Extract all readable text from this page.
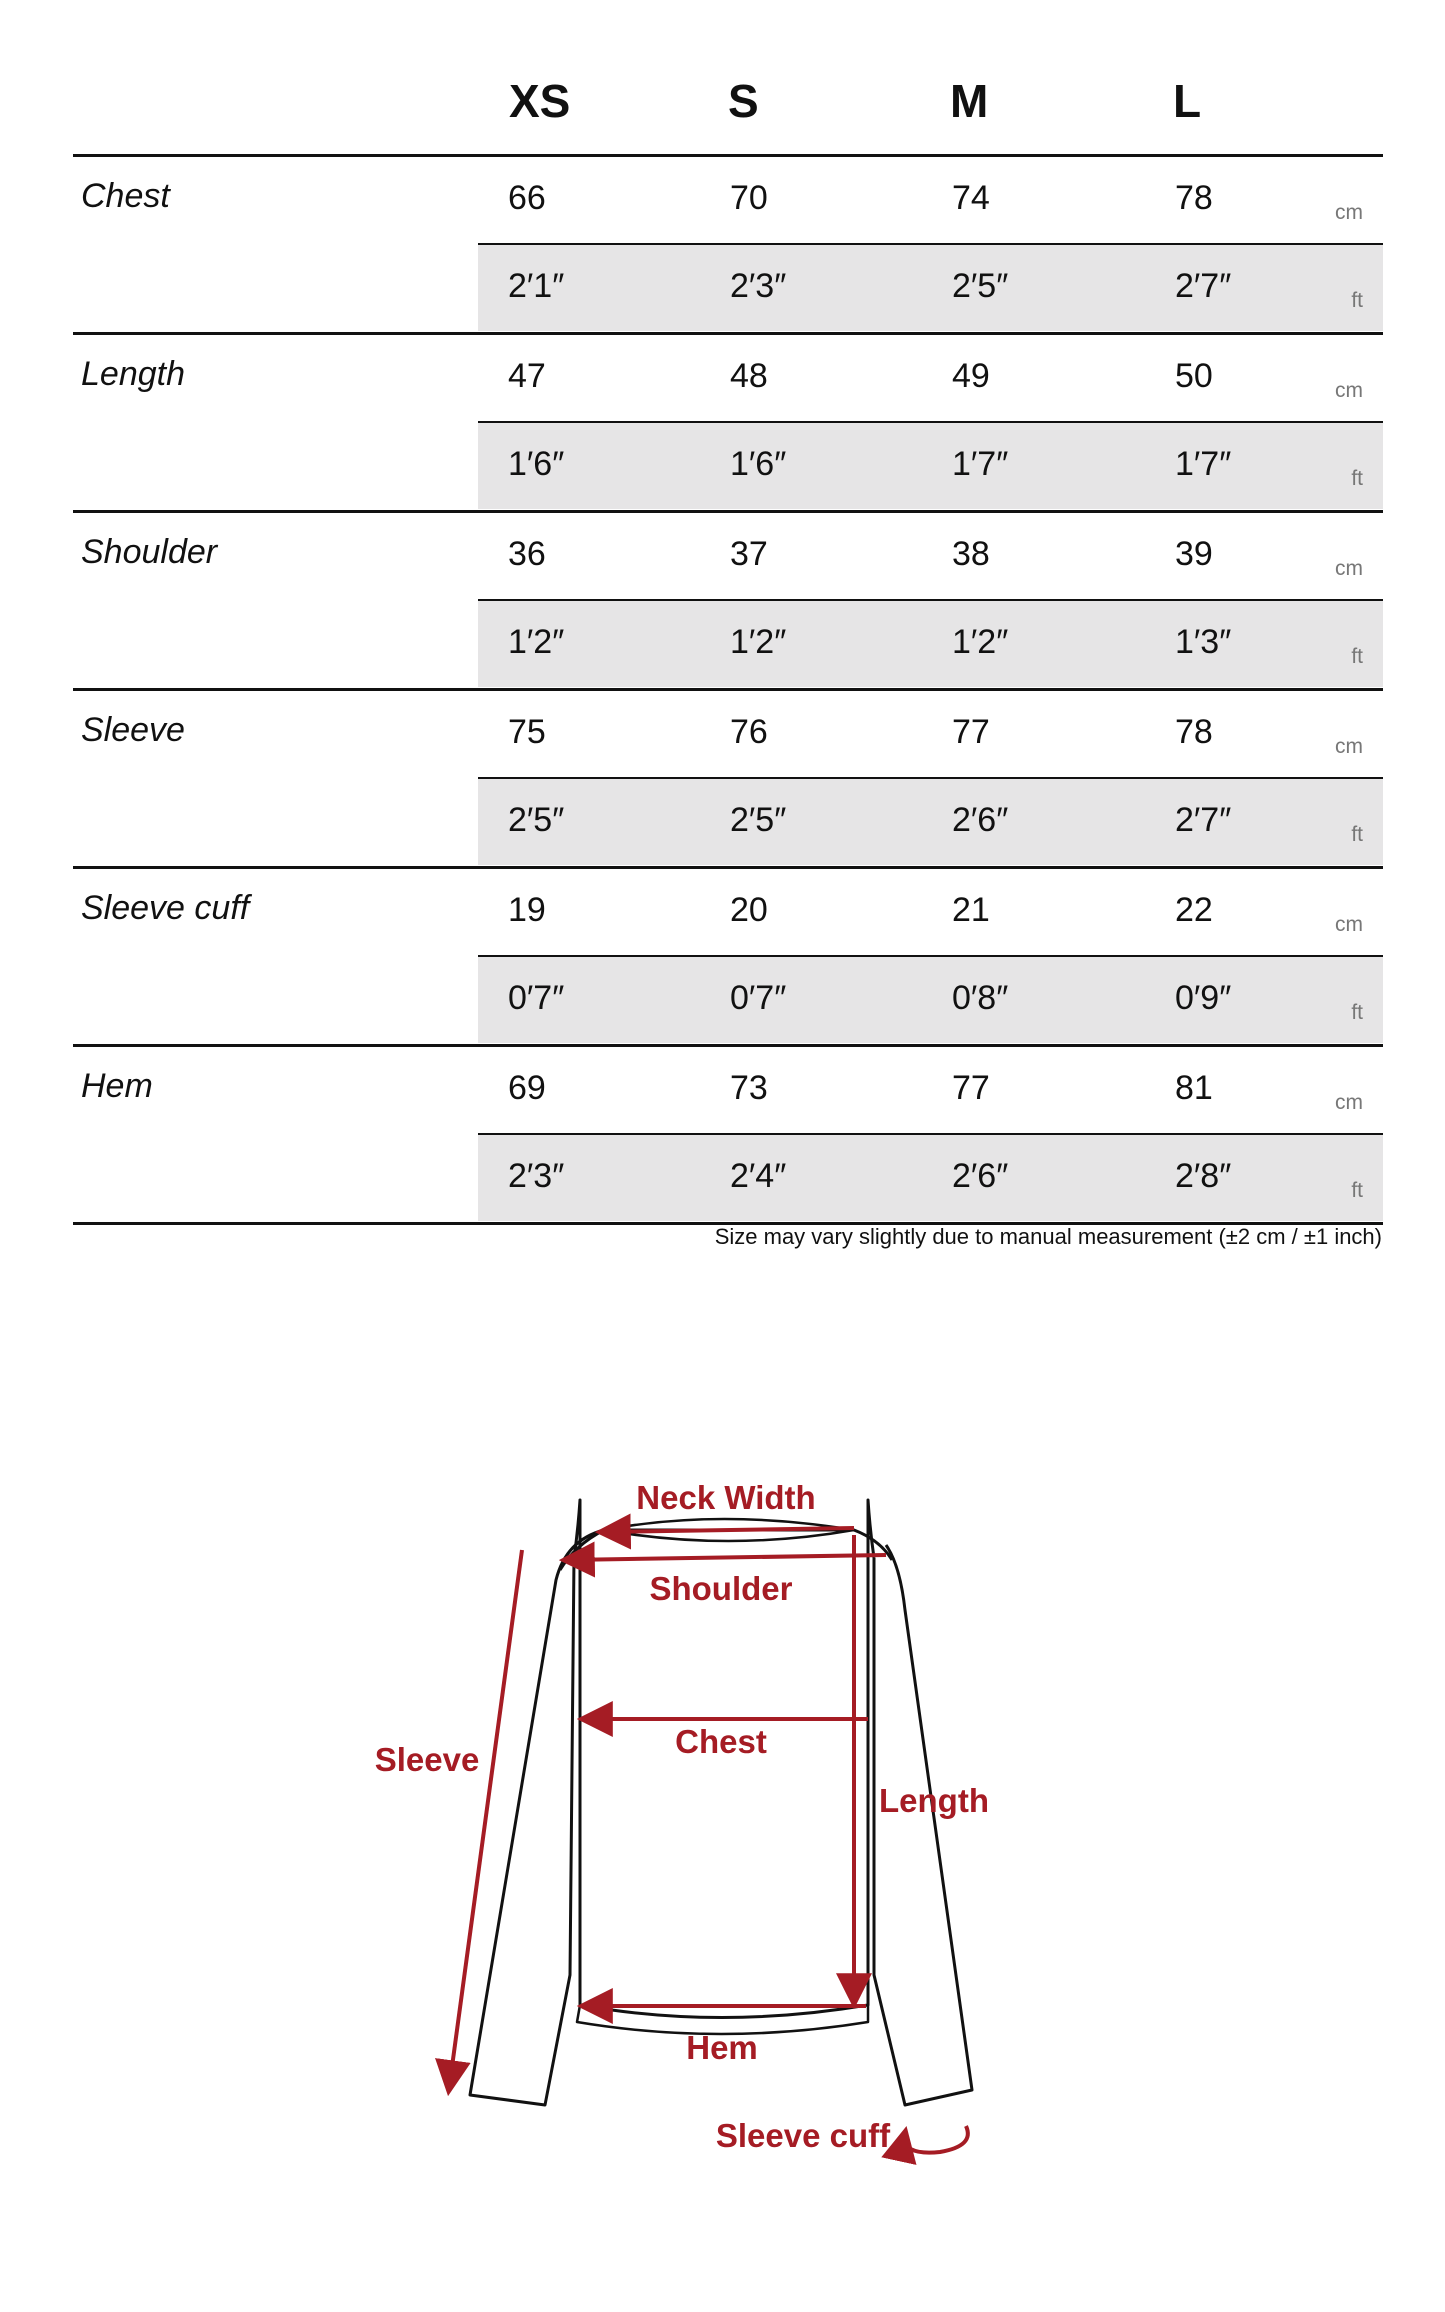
XS	S	M	L
Chest	66	70	74	78	cm
2′1″	2′3″	2′5″	2′7″	ft
Length	47	48	49	50	cm
1′6″	1′6″	1′7″	1′7″	ft
Shoulder	36	37	38	39	cm
1′2″	1′2″	1′2″	1′3″	ft
Sleeve	75	76	77	78	cm
2′5″	2′5″	2′6″	2′7″	ft
Sleeve cuff	19	20	21	22	cm
0′7″	0′7″	0′8″	0′9″	ft
Hem	69	73	77	81	cm
2′3″	2′4″	2′6″	2′8″	ft
Size may vary slightly due to manual measurement (±2 cm / ±1 inch)
Neck Width
Shoulder
Chest
Sleeve
Length
Hem
Sleeve cuff
